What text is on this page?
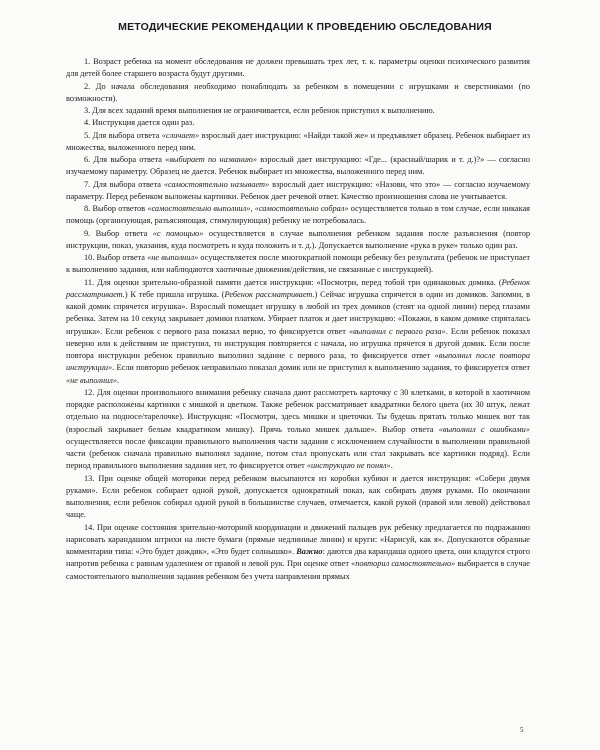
МЕТОДИЧЕСКИЕ РЕКОМЕНДАЦИИ К ПРОВЕДЕНИЮ ОБСЛЕДОВАНИЯ

1. Возраст ребенка на момент обследования не должен превышать трех лет, т. к. параметры оценки психического развития для детей более старшего возраста будут другими.

2. До начала обследования необходимо понаблюдать за ребенком в помещении с игрушками и сверстниками (по возможности).

3. Для всех заданий время выполнения не ограничивается, если ребенок приступил к выполнению.

4. Инструкция дается один раз.

5. Для выбора ответа «сличает» взрослый дает инструкцию: «Найди такой же» и предъявляет образец. Ребенок выбирает из множества, выложенного перед ним.

6. Для выбора ответа «выбирает по названию» взрослый дает инструкцию: «Где... (красный/шарик и т. д.)?» — согласно изучаемому параметру. Образец не дается. Ребенок выбирает из множества, выложенного перед ним.

7. Для выбора ответа «самостоятельно называет» взрослый дает инструкцию: «Назови, что это» — согласно изучаемому параметру. Перед ребенком выложены картинки. Ребенок дает речевой ответ. Качество произношения слова не учитывается.

8. Выбор ответов «самостоятельно выполнил», «самостоятельно собрал» осуществляется только в том случае, если никакая помощь (организующая, разъясняющая, стимулирующая) ребенку не потребовалась.

9. Выбор ответа «с помощью» осуществляется в случае выполнения ребенком задания после разъяснения (повтор инструкции, показ, указания, куда посмотреть и куда положить и т. д.). Допускается выполнение «рука в руке» только один раз.

10. Выбор ответа «не выполнил» осуществляется после многократной помощи ребенку без результата (ребенок не приступает к выполнению задания, или наблюдаются хаотичные движения/действия, не связанные с инструкцией).

11. Для оценки зрительно-образной памяти дается инструкция: «Посмотри, перед тобой три одинаковых домика. (Ребенок рассматривает.) К тебе пришла игрушка. (Ребенок рассматривает.) Сейчас игрушка спрячется в один из домиков. Запомни, в какой домик спрячется игрушка». Взрослый помещает игрушку в любой из трех домиков (стоят на одной линии) перед глазами ребенка. Затем на 10 секунд закрывает домики платком. Убирает платок и дает инструкцию: «Покажи, в каком домике спряталась игрушка». Если ребенок с первого раза показал верно, то фиксируется ответ «выполнил с первого раза». Если ребенок показал неверно или к действиям не приступил, то инструкция повторяется с начала, но игрушка прячется в другой домик. Если после повтора инструкции ребенок правильно выполнил задание с первого раза, то фиксируется ответ «выполнил после повтора инструкции». Если повторно ребенок неправильно показал домик или не приступил к выполнению задания, то фиксируется ответ «не выполнил».

12. Для оценки произвольного внимания ребенку сначала дают рассмотреть карточку с 30 клетками, в которой в хаотичном порядке расположены картинки с мишкой и цветком. Также ребенок рассматривает квадратики белого цвета (их 30 штук, лежат отдельно на подносе/тарелочке). Инструкция: «Посмотри, здесь мишки и цветочки. Ты будешь прятать только мишек вот так (взрослый закрывает белым квадратиком мишку). Прячь только мишек дальше». Выбор ответа «выполнил с ошибками» осуществляется после фиксации правильного выполнения части задания с исключением случайности в выполнении правильной части (ребенок сначала правильно выполнял задание, потом стал пропускать или стал закрывать все картинки подряд). Если период правильного выполнения задания нет, то фиксируется ответ «инструкцию не понял».

13. При оценке общей моторики перед ребенком высыпаются из коробки кубики и дается инструкция: «Собери двумя руками». Если ребенок собирает одной рукой, допускается однократный показ, как собирать двумя руками. По окончании выполнения, если ребенок собирал одной рукой в большинстве случаев, отмечается, какой рукой (правой или левой) действовал чаще.

14. При оценке состояния зрительно-моторной координации и движений пальцев рук ребенку предлагается по подражанию нарисовать карандашом штрихи на листе бумаги (прямые недлинные линии) и круги: «Нарисуй, как я». Допускаются образные комментарии типа: «Это будет дождик», «Это будет солнышко». Важно: даются два карандаша одного цвета, они кладутся строго напротив ребенка с равным удалением от правой и левой рук. При оценке ответ «повторил самостоятельно» выбирается в случае самостоятельного выполнения задания ребенком без учета направления прямых

5
